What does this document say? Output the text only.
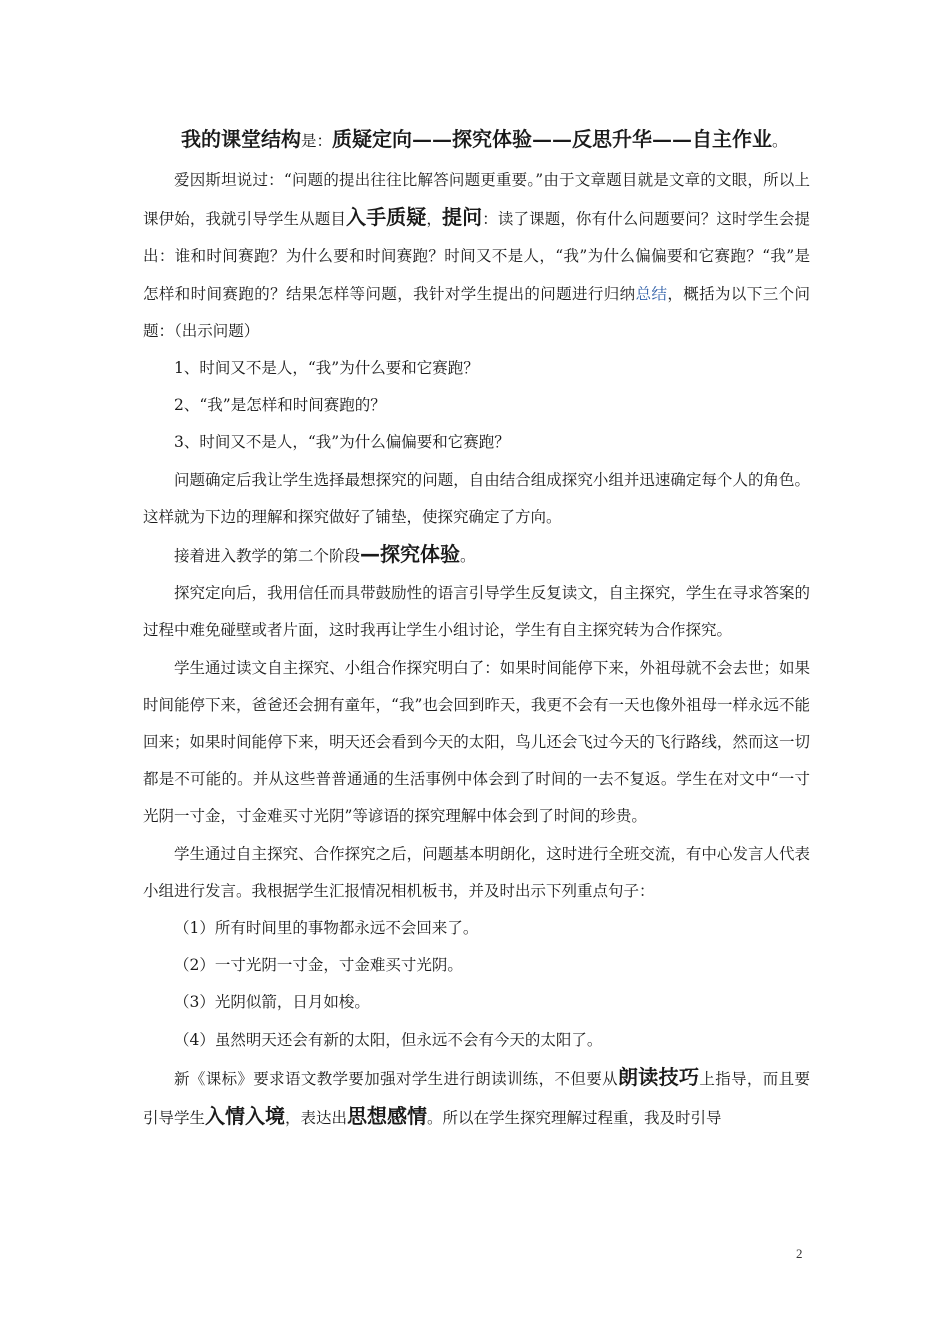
我的课堂结构是：质疑定向——探究体验——反思升华——自主作业。

爱因斯坦说过：“问题的提出往往比解答问题更重要。”由于文章题目就是文章的文眼，所以上课伊始，我就引导学生从题目入手质疑，提问：读了课题，你有什么问题要问？这时学生会提出：谁和时间赛跑？为什么要和时间赛跑？时间又不是人，“我”为什么偏偏要和它赛跑？“我”是怎样和时间赛跑的？结果怎样等问题，我针对学生提出的问题进行归纳总结，概括为以下三个问题：（出示问题）

1、时间又不是人，“我”为什么要和它赛跑？

2、“我”是怎样和时间赛跑的？

3、时间又不是人，“我”为什么偏偏要和它赛跑？

问题确定后我让学生选择最想探究的问题，自由结合组成探究小组并迅速确定每个人的角色。这样就为下边的理解和探究做好了铺垫，使探究确定了方向。

接着进入教学的第二个阶段—探究体验。

探究定向后，我用信任而具带鼓励性的语言引导学生反复读文，自主探究，学生在寻求答案的过程中难免碰壁或者片面，这时我再让学生小组讨论，学生有自主探究转为合作探究。

学生通过读文自主探究、小组合作探究明白了：如果时间能停下来，外祖母就不会去世；如果时间能停下来，爸爸还会拥有童年，“我”也会回到昨天，我更不会有一天也像外祖母一样永远不能回来；如果时间能停下来，明天还会看到今天的太阳，鸟儿还会飞过今天的飞行路线，然而这一切都是不可能的。并从这些普普通通的生活事例中体会到了时间的一去不复返。学生在对文中“一寸光阴一寸金，寸金难买寸光阴”等谚语的探究理解中体会到了时间的珍贵。

学生通过自主探究、合作探究之后，问题基本明朗化，这时进行全班交流，有中心发言人代表小组进行发言。我根据学生汇报情况相机板书，并及时出示下列重点句子：

（1）所有时间里的事物都永远不会回来了。

（2）一寸光阴一寸金，寸金难买寸光阴。

（3）光阴似箭，日月如梭。

（4）虽然明天还会有新的太阳，但永远不会有今天的太阳了。

新《课标》要求语文教学要加强对学生进行朗读训练，不但要从朗读技巧上指导，而且要引导学生入情入境，表达出思想感情。所以在学生探究理解过程重，我及时引导

2
